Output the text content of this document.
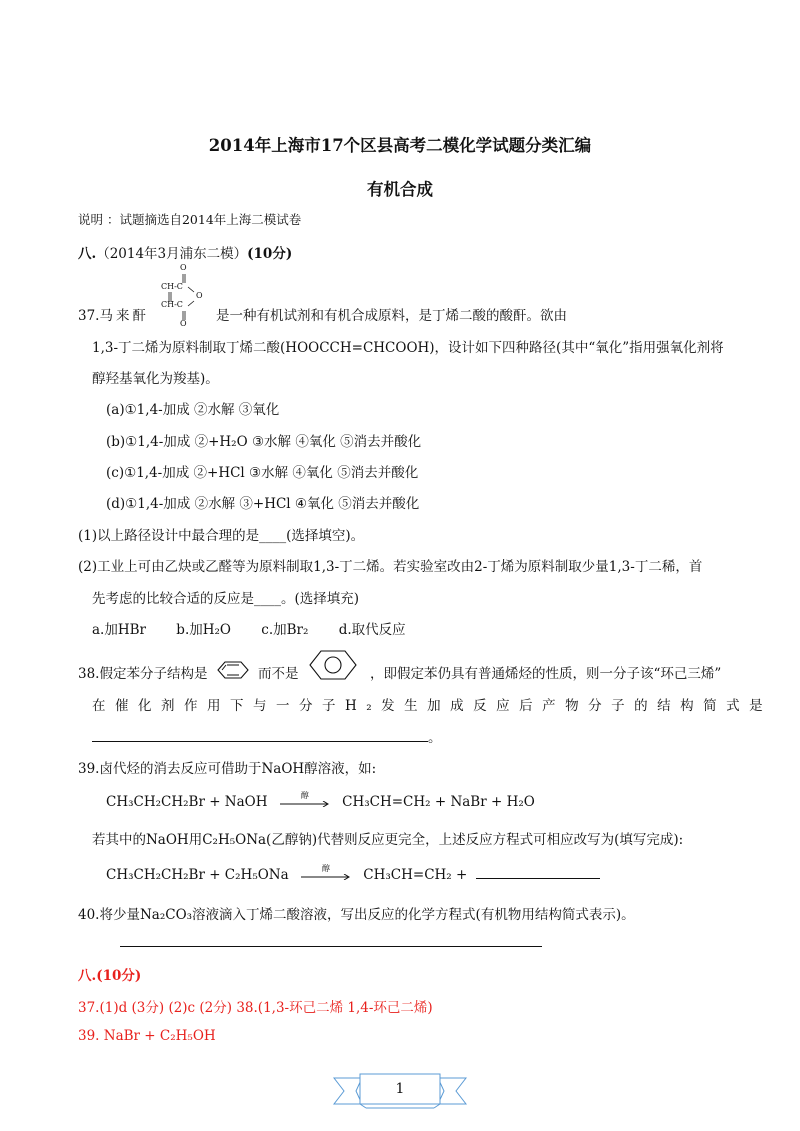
2014年上海市17个区县高考二模化学试题分类汇编
有机合成
说明 ：试题摘选自2014年上海二模试卷
八.（2014年3月浦东二模）(10分)
37.马来酐
O
CH-C
O
CH-C
O 是一种有机试剂和有机合成原料，是丁烯二酸的酸酐。欲由
1,3-丁二烯为原料制取丁烯二酸(HOOCCH=CHCOOH)，设计如下四种路径(其中“氧化”指用强氧化剂将
醇羟基氧化为羧基)。
(a)①1,4-加成 ②水解 ③氧化
(b)①1,4-加成 ②+H₂O ③水解 ④氧化 ⑤消去并酸化
(c)①1,4-加成 ②+HCl ③水解 ④氧化 ⑤消去并酸化
(d)①1,4-加成 ②水解 ③+HCl ④氧化 ⑤消去并酸化
(1)以上路径设计中最合理的是____(选择填空)。
(2)工业上可由乙炔或乙醛等为原料制取1,3-丁二烯。若实验室改由2-丁烯为原料制取少量1,3-丁二稀，首
先考虑的比较合适的反应是____。(选择填充)
a.加HBr b.加H₂O c.加Br₂ d.取代反应
38.假定苯分子结构是	而不是	，即假定苯仍具有普通烯烃的性质，则一分子该“环己三烯”
在催化剂作用下与一分子H₂发生加成反应后产物分子的结构简式是
。
39.卤代烃的消去反应可借助于NaOH醇溶液，如:
CH₃CH₂CH₂Br + NaOH	醇	CH₃CH=CH₂ + NaBr + H₂O
若其中的NaOH用C₂H₅ONa(乙醇钠)代替则反应更完全，上述反应方程式可相应改写为(填写完成):
CH₃CH₂CH₂Br + C₂H₅ONa	醇	CH₃CH=CH₂ +
40.将少量Na₂CO₃溶液滴入丁烯二酸溶液，写出反应的化学方程式(有机物用结构简式表示)。
八.(10分)
37.(1)d (3分) (2)c (2分) 38.(1,3-环己二烯 1,4-环己二烯)
39. NaBr + C₂H₅OH
1
